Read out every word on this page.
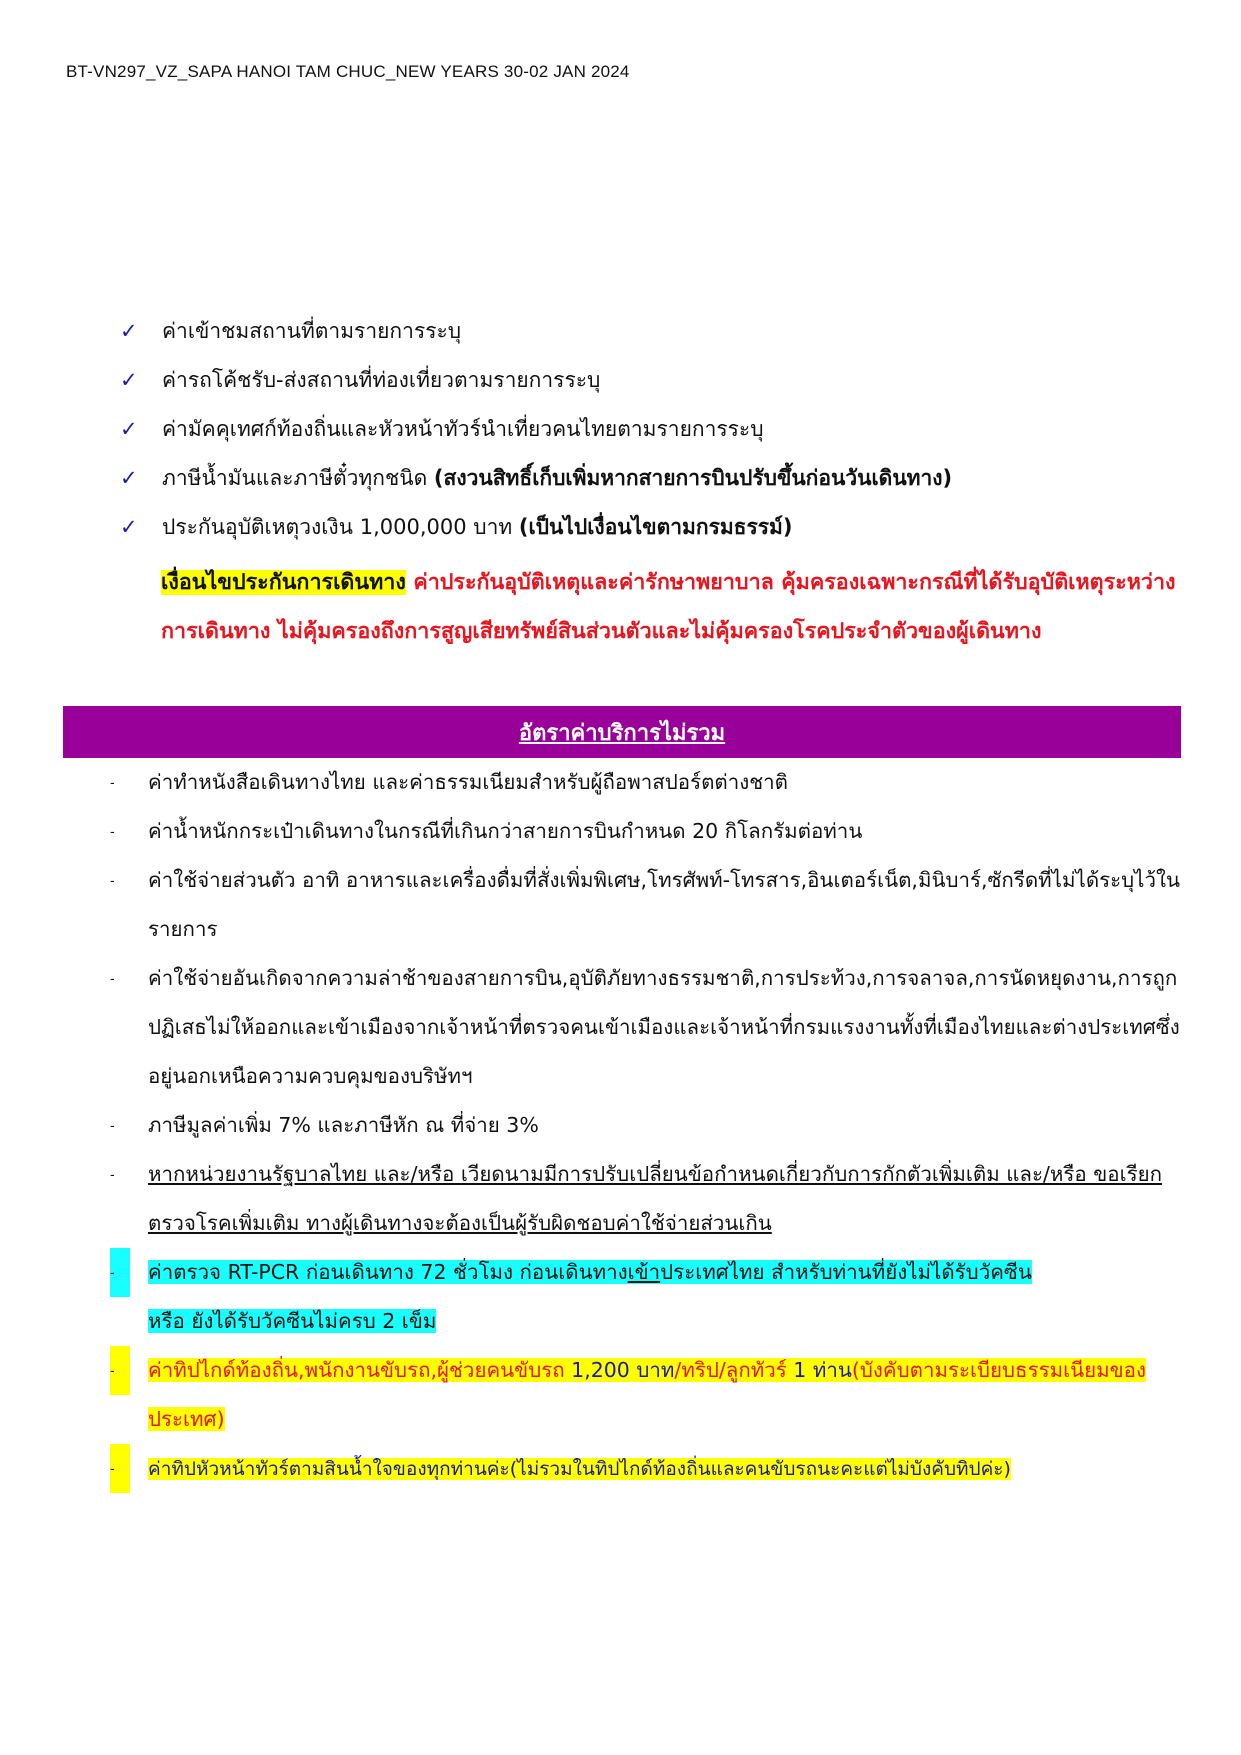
BT-VN297_VZ_SAPA HANOI TAM CHUC_NEW YEARS 30-02 JAN 2024
✓	ค่าเข้าชมสถานที่ตามรายการระบุ
✓	ค่ารถโค้ชรับ-ส่งสถานที่ท่องเที่ยวตามรายการระบุ
✓	ค่ามัคคุเทศก์ท้องถิ่นและหัวหน้าทัวร์นำเที่ยวคนไทยตามรายการระบุ
✓	ภาษีน้ำมันและภาษีตั๋วทุกชนิด (สงวนสิทธิ์เก็บเพิ่มหากสายการบินปรับขึ้นก่อนวันเดินทาง)
✓	ประกันอุบัติเหตุวงเงิน 1,000,000 บาท (เป็นไปเงื่อนไขตามกรมธรรม์)
เงื่อนไขประกันการเดินทาง ค่าประกันอุบัติเหตุและค่ารักษาพยาบาล คุ้มครองเฉพาะกรณีที่ได้รับอุบัติเหตุระหว่างการเดินทาง ไม่คุ้มครองถึงการสูญเสียทรัพย์สินส่วนตัวและไม่คุ้มครองโรคประจำตัวของผู้เดินทาง
อัตราค่าบริการไม่รวม
-	ค่าทำหนังสือเดินทางไทย และค่าธรรมเนียมสำหรับผู้ถือพาสปอร์ตต่างชาติ
-	ค่าน้ำหนักกระเป๋าเดินทางในกรณีที่เกินกว่าสายการบินกำหนด 20 กิโลกรัมต่อท่าน
-	ค่าใช้จ่ายส่วนตัว อาทิ อาหารและเครื่องดื่มที่สั่งเพิ่มพิเศษ,โทรศัพท์-โทรสาร,อินเตอร์เน็ต,มินิบาร์,ซักรีดที่ไม่ได้ระบุไว้ในรายการ
-	ค่าใช้จ่ายอันเกิดจากความล่าช้าของสายการบิน,อุบัติภัยทางธรรมชาติ,การประท้วง,การจลาจล,การนัดหยุดงาน,การถูกปฏิเสธไม่ให้ออกและเข้าเมืองจากเจ้าหน้าที่ตรวจคนเข้าเมืองและเจ้าหน้าที่กรมแรงงานทั้งที่เมืองไทยและต่างประเทศซึ่งอยู่นอกเหนือความควบคุมของบริษัทฯ
-	ภาษีมูลค่าเพิ่ม 7% และภาษีหัก ณ ที่จ่าย 3%
-	หากหน่วยงานรัฐบาลไทย และ/หรือ เวียดนามมีการปรับเปลี่ยนข้อกำหนดเกี่ยวกับการกักตัวเพิ่มเติม และ/หรือ ขอเรียกตรวจโรคเพิ่มเติม ทางผู้เดินทางจะต้องเป็นผู้รับผิดชอบค่าใช้จ่ายส่วนเกิน
-	ค่าตรวจ RT-PCR ก่อนเดินทาง 72 ชั่วโมง ก่อนเดินทางเข้าประเทศไทย สำหรับท่านที่ยังไม่ได้รับวัคซีน
หรือ ยังได้รับวัคซีนไม่ครบ 2 เข็ม
-	ค่าทิปไกด์ท้องถิ่น,พนักงานขับรถ,ผู้ช่วยคนขับรถ 1,200 บาท/ทริป/ลูกทัวร์ 1 ท่าน(บังคับตามระเบียบธรรมเนียมของประเทศ)
-	ค่าทิปหัวหน้าทัวร์ตามสินน้ำใจของทุกท่านค่ะ(ไม่รวมในทิปไกด์ท้องถิ่นและคนขับรถนะคะแต่ไม่บังคับทิปค่ะ)
